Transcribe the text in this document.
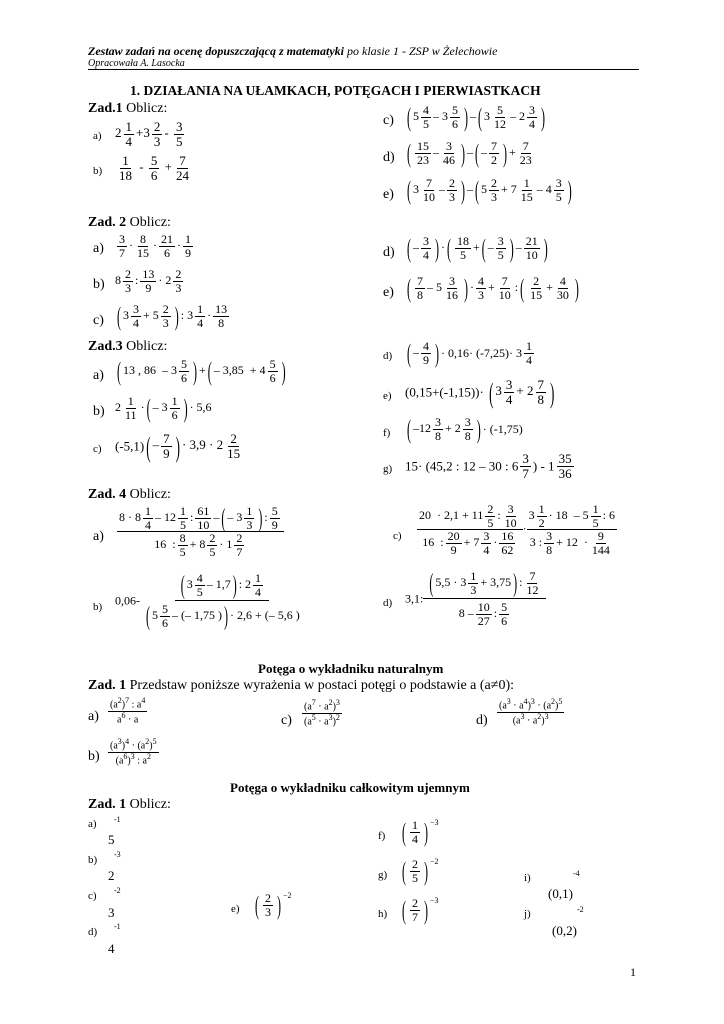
Zestaw zadań na ocenę dopuszczającą z matematyki po klasie 1 - ZSP w Żelechowie
Opracowała A. Lasocka
1. DZIAŁANIA NA UŁAMKACH, POTĘGACH I PIERWIASTKACH
Zad.1 Oblicz:
a) $2 \frac{1}{4} +3 \frac{2}{3} - \frac{3}{5}$
$b) \frac{1}{18} - \frac{5}{6} + \frac{7}{24}$
c) ( $5 \frac{4}{5} - 3 \frac{5}{6}$ ) – ( $3 \frac{5}{12} - 2 \frac{3}{4}$ )
d) ( $\frac{15}{23} - \frac{3}{46}$ ) – ( – $\frac{7}{2}$ ) + $\frac{7}{23}$
e) ( $3 \frac{7}{10} - \frac{2}{3}$ ) – ( $5 \frac{2}{3} + 7 \frac{1}{15} - 4 \frac{3}{5}$ )
Zad. 2 Oblicz:
$a) \frac{3}{7} \cdot \frac{8}{15} \cdot \frac{21}{6} \cdot \frac{1}{9}$
b) $8 \frac{2}{3}$ : $\frac{13}{9} \cdot 2 \frac{2}{3}$
c) ( $3 \frac{3}{4} + 5 \frac{2}{3}$ ) : $3 \frac{1}{4} \cdot \frac{13}{8}$
d) ( – $\frac{3}{4}$ ) · ( $\frac{18}{5}$ + ( – $\frac{3}{5}$ ) – $\frac{21}{10}$ )
e) ( $\frac{7}{8} - 5 \frac{3}{16}$ ) · $\frac{4}{3} + \frac{7}{10}$ : ( $\frac{2}{15} + \frac{4}{30}$ )
Zad.3 Oblicz:
a) ( 13 , $86 - 3 \frac{5}{6}$ ) + ( – $3,85 + 4 \frac{5}{6}$ )
b) $2 \frac{1}{11}$ · ( – $3 \frac{1}{6}$ ) · 5,6
c) (-5,1) ( – $\frac{7}{9}$ ) · $3,9 \cdot 2 \frac{2}{15}$
d) ( – $\frac{4}{9}$ ) · $0,16\cdot (-7,25)\cdot 3 \frac{1}{4}$
e) (0,15+(-1,15))· ( $3 \frac{3}{4} + 2 \frac{7}{8}$ )
f) ( $-12 \frac{3}{8} + 2 \frac{3}{8}$ ) · (-1,75)
g) 15· (45,2 : 12 – 30 : $6 \frac{3}{7}$ ) - $1 \frac{35}{36}$
Zad. 4 Oblicz:
$a) \frac{8 \cdot 8 \frac{1}{4} - 12 \frac{1}{5} : \frac{61}{10} - ( - 3 \frac{1}{3} ) : \frac{5}{9}}{16 : \frac{8}{5} + 8 \frac{2}{5} \cdot 1 \frac{2}{7}}$
b) $0,06- \frac{( 3 \frac{4}{5} - 1,7 ) : 2 \frac{1}{4}}{( 5 \frac{5}{6} - (- 1,75 ) ) \cdot 2,6 + (- 5,6 )}$
$c) \frac{20 \cdot 2,1 + 11 \frac{2}{5} : \frac{3}{10}}{16 : \frac{20}{9} + 7 \frac{3}{4} \cdot \frac{16}{62}} \cdot \frac{3 \frac{1}{2} \cdot 18 - 5 \frac{1}{5} : 6}{3 : \frac{3}{8} + 12 \cdot \frac{9}{144}}$
d) 3,1: $\frac{( 5,5 \cdot 3 \frac{1}{3} + 3,75 ) : \frac{7}{12}}{8 - \frac{10}{27} : \frac{5}{6}}$
Potęga o wykładniku naturalnym
Zad. 1 Przedstaw poniższe wyrażenia w postaci potęgi o podstawie a (a≠0):
$a) \frac{(a^2)^7 : a^4}{a^6 \cdot a}$	$c) \frac{(a^7 \cdot a^2)^3}{(a^5 \cdot a^3)^2}$	$d) \frac{(a^3 \cdot a^4)^3 \cdot (a^2)^5}{(a^3 \cdot a^2)^3}$
$b) \frac{(a^3)^4 \cdot (a^2)^5}{(a^6)^3 : a^2}$
Potęga o wykładniku całkowitym ujemnym
Zad. 1 Oblicz:
a) -1
5
b) -3
2
c) -2
3
d) -1
4
e) ( $\frac{2}{3}$ ) $^{-2}$
f) ( $\frac{1}{4}$ ) $^{-3}$
g) ( $\frac{2}{5}$ ) $^{-2}$
h) ( $\frac{2}{7}$ ) $^{-3}$
i)	-4
(0,1)
j)	-2
(0,2)
1
